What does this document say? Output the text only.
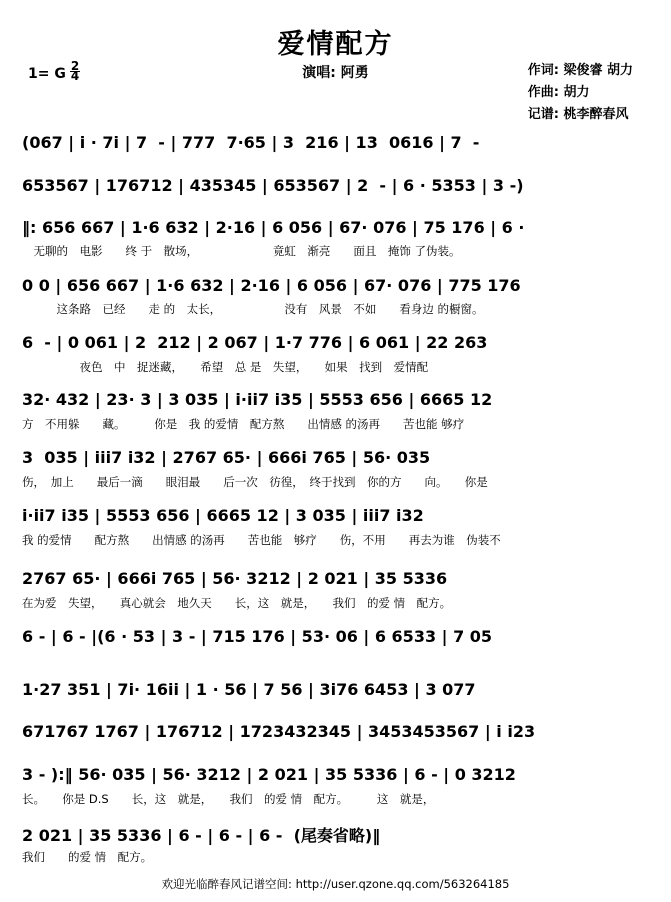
爱情配方
1= G $\frac{2}{4}$	演唱: 阿勇	作词: 梁俊睿 胡力
作曲: 胡力
记谱: 桃李醉春风
(067 | i · 7i | 7  - | 777  7·65 | 3  216 | 13  0616 | 7  -
653567 | 176712 | 435345 | 653567 | 2  - | 6 · 5353 | 3 -)
‖: 656 667 | 1·6 632 | 2·16 | 6 056 | 67· 076 | 75 176 | 6 ·
　无聊的　电影　　终 于　散场，　　　　　　　竟虹　渐亮　　面且　掩饰 了伪装。
0 0 | 656 667 | 1·6 632 | 2·16 | 6 056 | 67· 076 | 775 176
　　　这条路　已经　　走 的　太长，　　　　　　没有　风景　不如　　看身边 的橱窗。
6  - | 0 061 | 2  212 | 2 067 | 1·7 776 | 6 061 | 22 263
　　　　　夜色　中　捉迷藏，　　希望　总 是　失望，　　如果　找到　爱情配
32· 432 | 23· 3 | 3 035 | i·ii7 i35 | 5553 656 | 6665 12
方　不用躲　　藏。　　　你是　我 的爱情　配方熬　　出情感 的汤再　　苦也能 够疗
3  035 | iii7 i32 | 2767 65· | 666i 765 | 56· 035
伤，　加上　　最后一滴　　眼泪最　　后一次　彷徨，　终于找到　你的方　　向。　　你是
i·ii7 i35 | 5553 656 | 6665 12 | 3 035 | iii7 i32
我 的爱情　　配方熬　　出情感 的汤再　　苦也能　够疗　　伤，不用　　再去为谁　伪装不
2767 65· | 666i 765 | 56· 3212 | 2 021 | 35 5336
在为爱　失望，　　真心就会　地久天　　长，这　就是，　　我们　的爱 情　配方。
6 - | 6 - |(6 · 53 | 3 - | 715 176 | 53· 06 | 6 6533 | 7 05
1·27 351 | 7i· 16ii | 1 · 56 | 7 56 | 3i76 6453 | 3 077
671767 1767 | 176712 | 1723432345 | 3453453567 | i i23
3 - ):‖ 56· 035 | 56· 3212 | 2 021 | 35 5336 | 6 - | 0 3212
长。　　你是 D.S　　长，这　就是，　　我们　的爱 情　配方。　　　这　就是，
2 021 | 35 5336 | 6 - | 6 - | 6 -  (尾奏省略)‖
我们　　的爱 情　配方。
欢迎光临醉春风记谱空间: http://user.qzone.qq.com/563264185
